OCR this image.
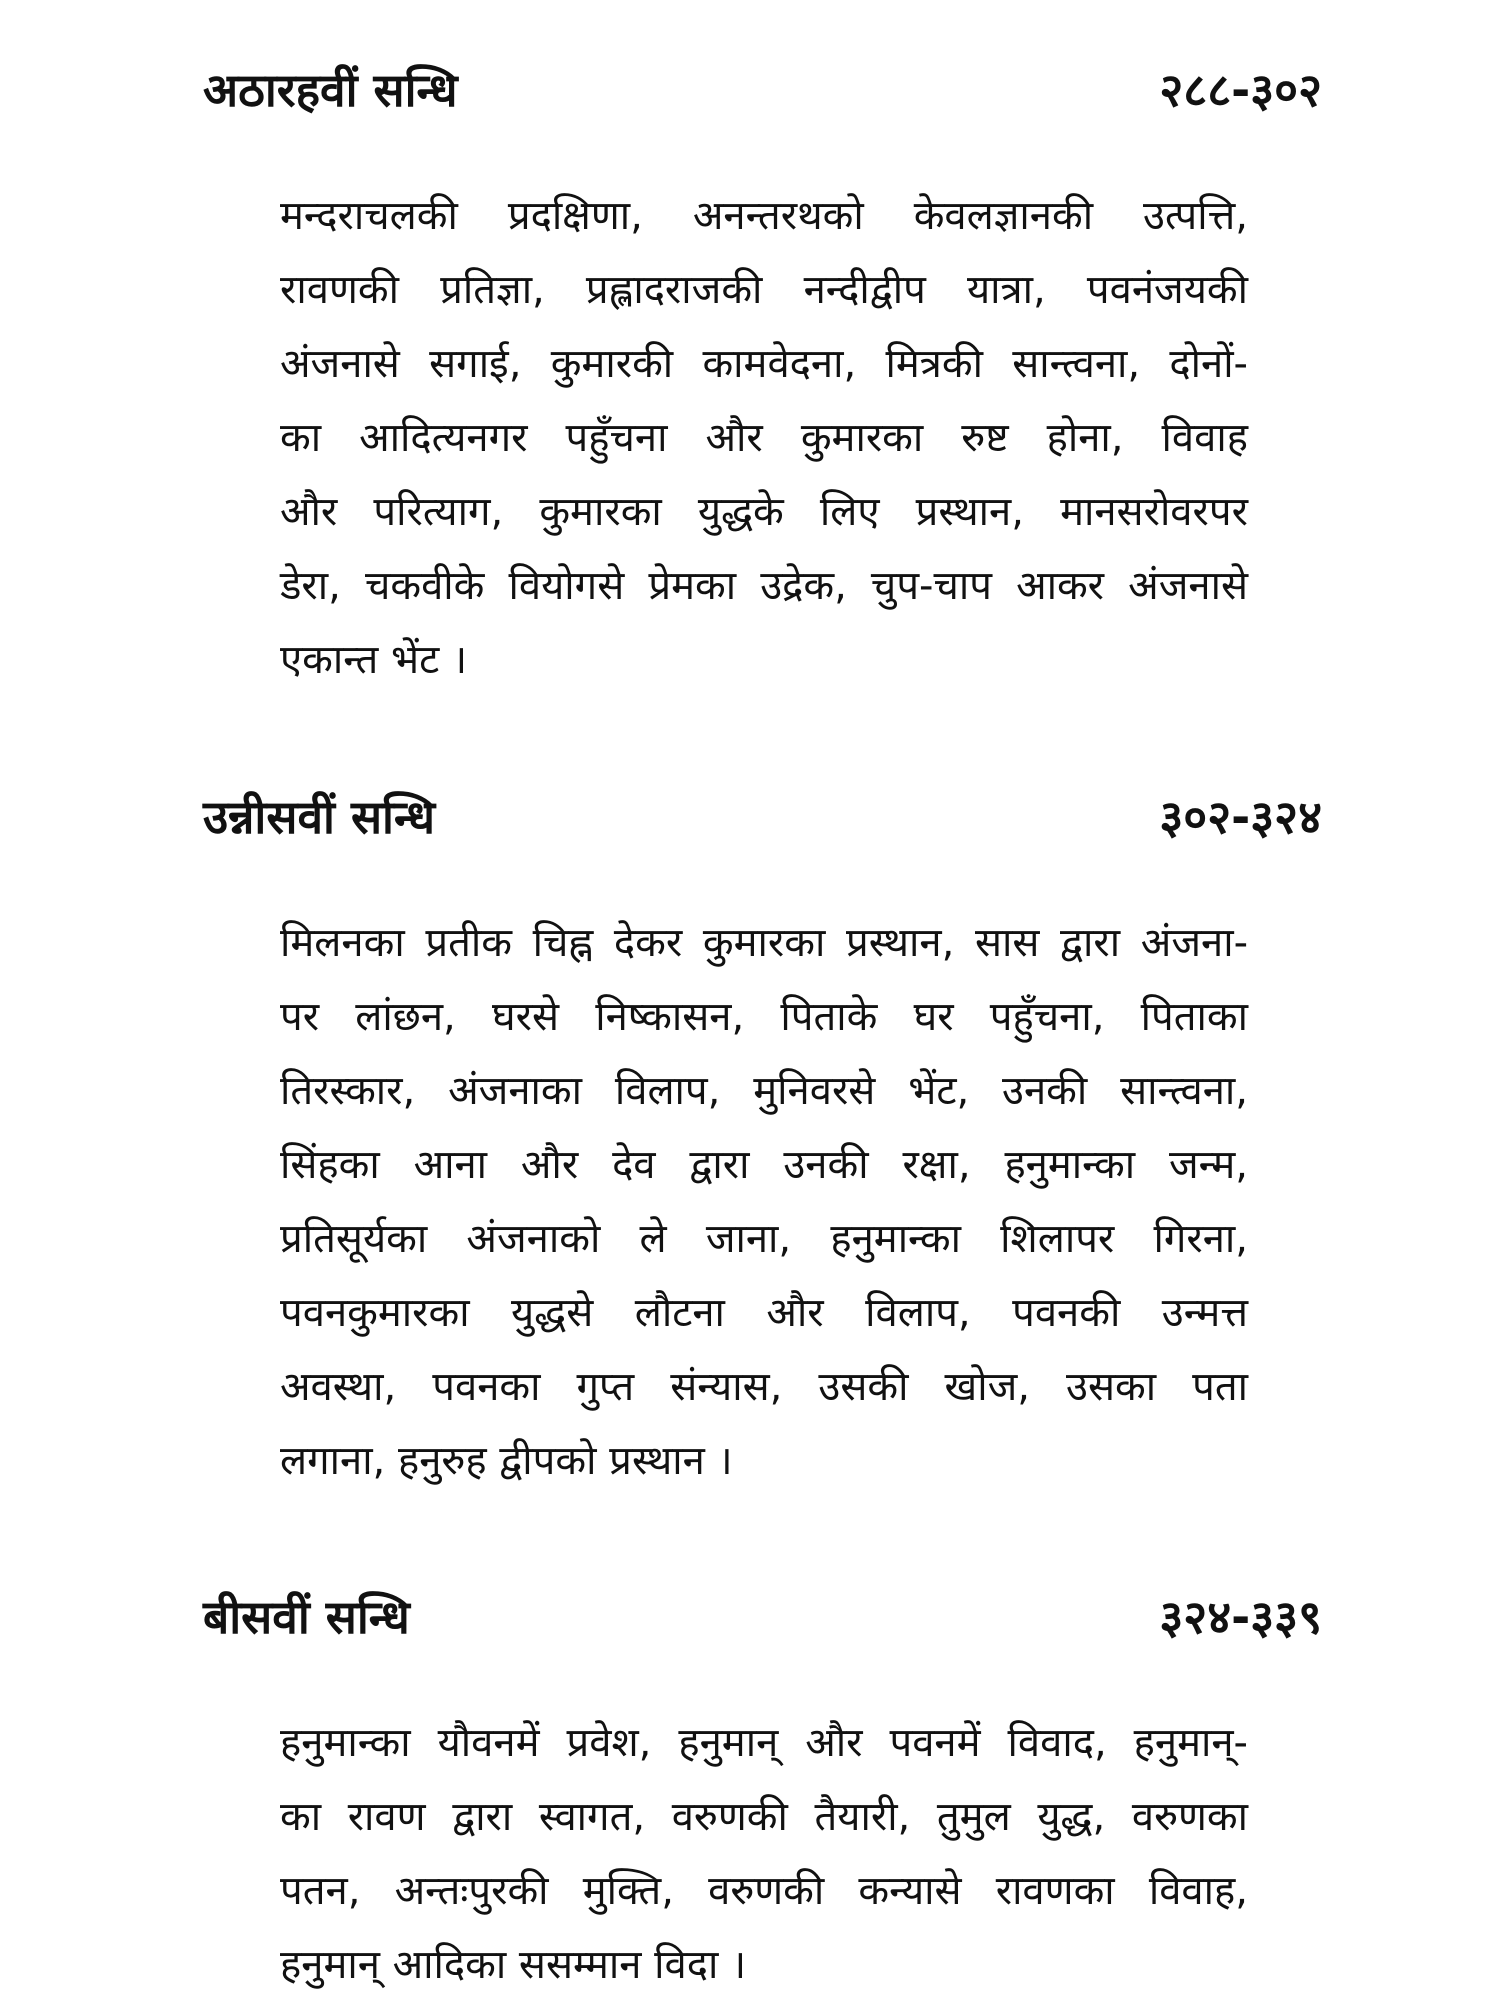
अठारहवीं सन्धि	२८८-३०२
मन्दराचलकी प्रदक्षिणा, अनन्तरथको केवलज्ञानकी उत्पत्ति,
रावणकी प्रतिज्ञा, प्रह्लादराजकी नन्दीद्वीप यात्रा, पवनंजयकी
अंजनासे सगाई, कुमारकी कामवेदना, मित्रकी सान्त्वना, दोनों-
का आदित्यनगर पहुँचना और कुमारका रुष्ट होना, विवाह
और परित्याग, कुमारका युद्धके लिए प्रस्थान, मानसरोवरपर
डेरा, चकवीके वियोगसे प्रेमका उद्रेक, चुप-चाप आकर अंजनासे
एकान्त भेंट ।
उन्नीसवीं सन्धि	३०२-३२४
मिलनका प्रतीक चिह्न देकर कुमारका प्रस्थान, सास द्वारा अंजना-
पर लांछन, घरसे निष्कासन, पिताके घर पहुँचना, पिताका
तिरस्कार, अंजनाका विलाप, मुनिवरसे भेंट, उनकी सान्त्वना,
सिंहका आना और देव द्वारा उनकी रक्षा, हनुमान्का जन्म,
प्रतिसूर्यका अंजनाको ले जाना, हनुमान्का शिलापर गिरना,
पवनकुमारका युद्धसे लौटना और विलाप, पवनकी उन्मत्त
अवस्था, पवनका गुप्त संन्यास, उसकी खोज, उसका पता
लगाना, हनुरुह द्वीपको प्रस्थान ।
बीसवीं सन्धि	३२४-३३९
हनुमान्का यौवनमें प्रवेश, हनुमान् और पवनमें विवाद, हनुमान्-
का रावण द्वारा स्वागत, वरुणकी तैयारी, तुमुल युद्ध, वरुणका
पतन, अन्तःपुरकी मुक्ति, वरुणकी कन्यासे रावणका विवाह,
हनुमान् आदिका ससम्मान विदा ।
